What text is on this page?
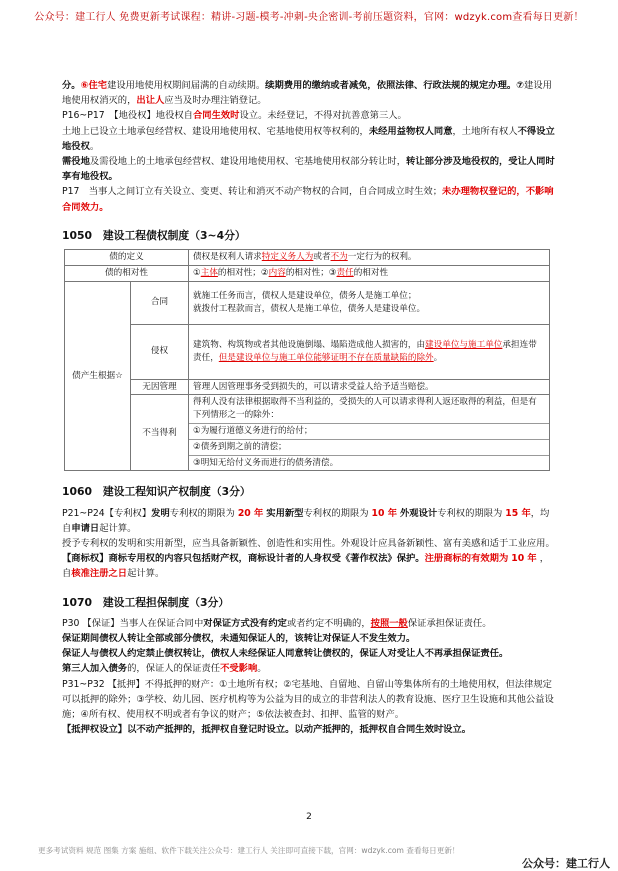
公众号：建工行人 免费更新考试课程：精讲-习题-模考-冲刺-央企密训-考前压题资料，官网：wdzyk.com查看每日更新！

分。⑥住宅建设用地使用权期间届满的自动续期。续期费用的缴纳或者减免，依照法律、行政法规的规定办理。⑦建设用地使用权消灭的，出让人应当及时办理注销登记。

P16~P17　【地役权】地役权自合同生效时设立。未经登记，不得对抗善意第三人。

土地上已设立土地承包经营权、建设用地使用权、宅基地使用权等权利的，未经用益物权人同意，土地所有权人不得设立地役权。

需役地及需役地上的土地承包经营权、建设用地使用权、宅基地使用权部分转让时，转让部分涉及地役权的，受让人同时享有地役权。

P17　当事人之间订立有关设立、变更、转让和消灭不动产物权的合同，自合同成立时生效；未办理物权登记的，不影响合同效力。

1050　建设工程债权制度（3~4分）
债的定义		债权是权利人请求特定义务人为或者不为一定行为的权利。
债的相对性		①主体的相对性；②内容的相对性；③责任的相对性
债产生根据☆	合同	就施工任务而言，债权人是建设单位，债务人是施工单位；
就拨付工程款而言，债权人是施工单位，债务人是建设单位。

	侵权	建筑物、构筑物或者其他设施倒塌、塌陷造成他人损害的，由建设单位与施工单位承担连带责任，但是建设单位与施工单位能够证明不存在质量缺陷的除外。
	无因管理	管理人因管理事务受到损失的，可以请求受益人给予适当赔偿。
	不当得利	得利人没有法律根据取得不当利益的，受损失的人可以请求得利人返还取得的利益，但是有下列情形之一的除外：
①为履行道德义务进行的给付；
②债务到期之前的清偿；
③明知无给付义务而进行的债务清偿。
1060　建设工程知识产权制度（3分）

P21~P24【专利权】发明专利权的期限为 20 年 实用新型专利权的期限为 10 年 外观设计专利权的期限为 15 年，均自申请日起计算。

授予专利权的发明和实用新型，应当具备新颖性、创造性和实用性。外观设计应具备新颖性、富有美感和适于工业应用。

【商标权】商标专用权的内容只包括财产权，商标设计者的人身权受《著作权法》保护。注册商标的有效期为 10 年 ，自核准注册之日起计算。

1070　建设工程担保制度（3分）

P30 【保证】当事人在保证合同中对保证方式没有约定或者约定不明确的，按照一般保证承担保证责任。

保证期间债权人转让全部或部分债权，未通知保证人的，该转让对保证人不发生效力。

保证人与债权人约定禁止债权转让，债权人未经保证人同意转让债权的，保证人对受让人不再承担保证责任。

第三人加入债务的，保证人的保证责任不受影响。

P31~P32 【抵押】不得抵押的财产：①土地所有权；②宅基地、自留地、自留山等集体所有的土地使用权，但法律规定可以抵押的除外；③学校、幼儿园、医疗机构等为公益为目的成立的非营利法人的教育设施、医疗卫生设施和其他公益设施；④所有权、使用权不明或者有争议的财产；⑤依法被查封、扣押、监管的财产。

【抵押权设立】以不动产抵押的，抵押权自登记时设立。以动产抵押的，抵押权自合同生效时设立。

2
更多考试资料 规范 图集 方案 施组、软件下载关注公众号：建工行人 关注即可直接下载，官网：wdzyk.com 查看每日更新！
公众号：建工行人
